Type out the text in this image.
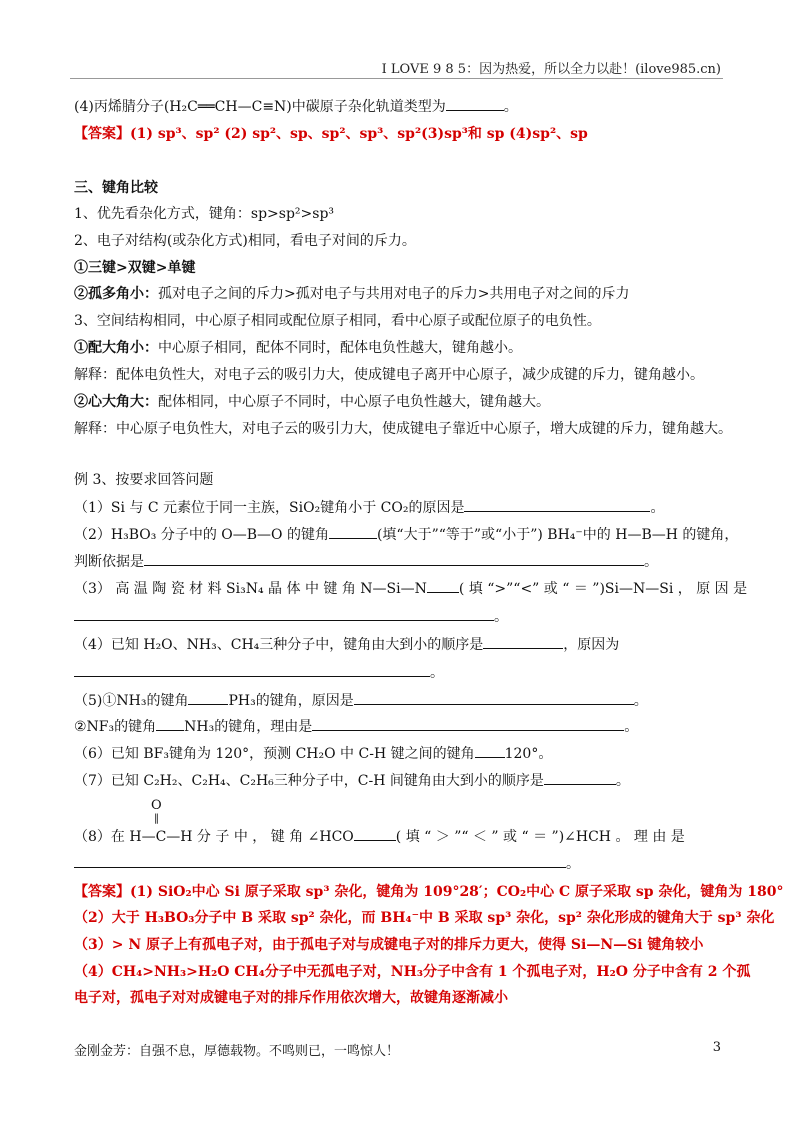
I LOVE 9 8 5：因为热爱，所以全力以赴！(ilove985.cn)
(4)丙烯腈分子(H₂C══CH—C≡N)中碳原子杂化轨道类型为	。
【答案】(1) sp³、sp² (2) sp²、sp、sp²、sp³、sp²(3)sp³和 sp (4)sp²、sp
三、键角比较
1、优先看杂化方式，键角：sp>sp²>sp³
2、电子对结构(或杂化方式)相同，看电子对间的斥力。
①三键>双键>单键
②孤多角小：孤对电子之间的斥力>孤对电子与共用对电子的斥力>共用电子对之间的斥力
3、空间结构相同，中心原子相同或配位原子相同，看中心原子或配位原子的电负性。
①配大角小：中心原子相同，配体不同时，配体电负性越大，键角越小。
解释：配体电负性大，对电子云的吸引力大，使成键电子离开中心原子，减少成键的斥力，键角越小。
②心大角大：配体相同，中心原子不同时，中心原子电负性越大，键角越大。
解释：中心原子电负性大，对电子云的吸引力大，使成键电子靠近中心原子，增大成键的斥力，键角越大。
例 3、按要求回答问题
（1）Si 与 C 元素位于同一主族，SiO₂键角小于 CO₂的原因是	。
（2）H₃BO₃ 分子中的 O—B—O 的键角	(填“大于”“等于”或“小于”) BH₄⁻中的 H—B—H 的键角，
判断依据是	。
（3） 高 温 陶 瓷 材 料 Si₃N₄ 晶 体 中 键 角 N—Si—N ( 填 “>”“<” 或 “ ＝ ”)Si—N—Si ， 原 因 是
。
（4）已知 H₂O、NH₃、CH₄三种分子中，键角由大到小的顺序是	，原因为
。
（5)①NH₃的键角	PH₃的键角，原因是	。
②NF₃的键角 NH₃的键角，理由是	。
（6）已知 BF₃键角为 120°，预测 CH₂O 中 C-H 键之间的键角 120°。
（7）已知 C₂H₂、C₂H₄、C₂H₆三种分子中，C-H 间键角由大到小的顺序是	。
O
‖
（8）在 H—C—H 分 子 中 ， 键 角 ∠HCO	( 填 “ ＞ ”“ ＜ ” 或 “ ＝ ”)∠HCH 。 理 由 是
。
【答案】(1) SiO₂中心 Si 原子采取 sp³ 杂化，键角为 109°28′；CO₂中心 C 原子采取 sp 杂化，键角为 180°
（2）大于 H₃BO₃分子中 B 采取 sp² 杂化，而 BH₄⁻中 B 采取 sp³ 杂化，sp² 杂化形成的键角大于 sp³ 杂化
（3）> N 原子上有孤电子对，由于孤电子对与成键电子对的排斥力更大，使得 Si—N—Si 键角较小
（4）CH₄>NH₃>H₂O CH₄分子中无孤电子对，NH₃分子中含有 1 个孤电子对，H₂O 分子中含有 2 个孤
电子对，孤电子对对成键电子对的排斥作用依次增大，故键角逐渐减小
金刚金芳：自强不息，厚德载物。不鸣则已，一鸣惊人！	3
